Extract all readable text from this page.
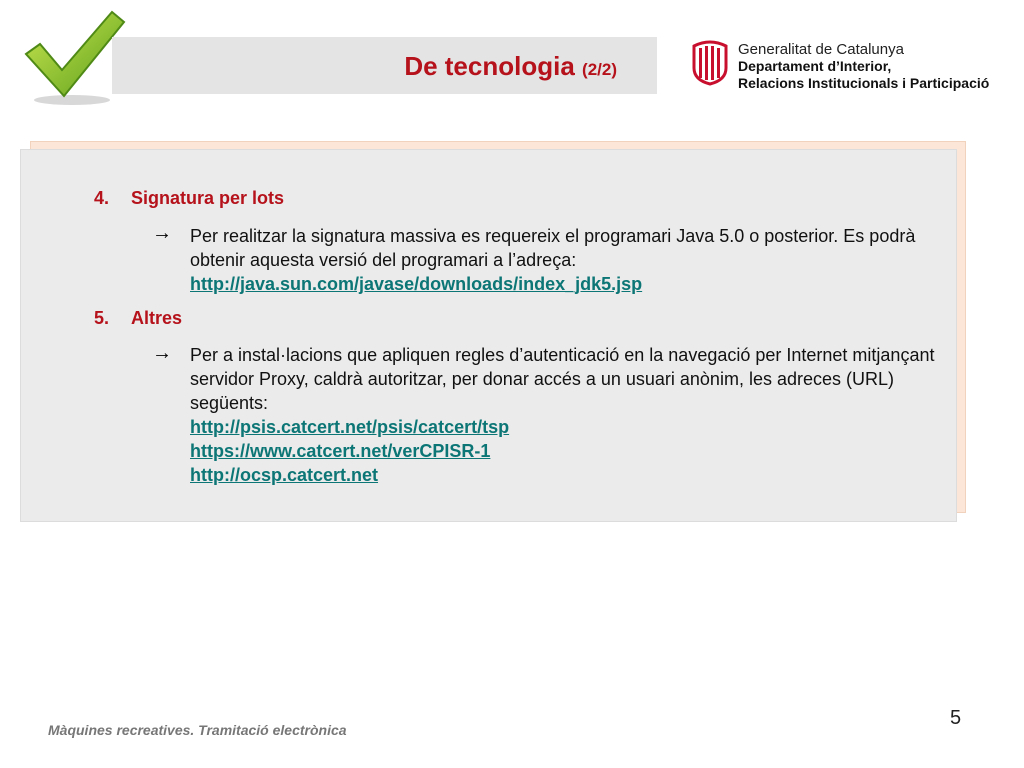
De tecnologia (2/2)
Generalitat de Catalunya
Departament d’Interior,
Relacions Institucionals i Participació
4. Signatura per lots
→ Per realitzar la signatura massiva es requereix el programari Java 5.0 o posterior. Es podrà obtenir aquesta versió del programari a l’adreça:
http://java.sun.com/javase/downloads/index_jdk5.jsp
5. Altres
→ Per a instal·lacions que apliquen regles d’autenticació en la navegació per Internet mitjançant servidor Proxy, caldrà autoritzar, per donar accés a un usuari anònim, les adreces (URL) següents:
http://psis.catcert.net/psis/catcert/tsp
https://www.catcert.net/verCPISR-1
http://ocsp.catcert.net
Màquines recreatives. Tramitació electrònica
5
